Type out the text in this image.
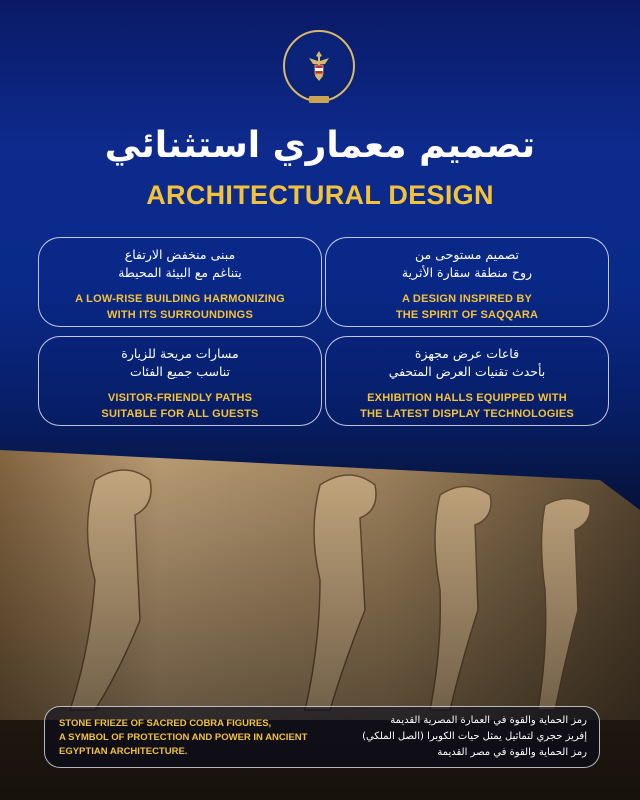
تصميم معماري استثنائي
ARCHITECTURAL DESIGN
مبنى منخفض الارتفاع
يتناغم مع البيئة المحيطة
A LOW-RISE BUILDING HARMONIZING
WITH ITS SURROUNDINGS
تصميم مستوحى من
روح منطقة سقارة الأثرية
A DESIGN INSPIRED BY
THE SPIRIT OF SAQQARA
مسارات مريحة للزيارة
تناسب جميع الفئات
VISITOR-FRIENDLY PATHS
SUITABLE FOR ALL GUESTS
قاعات عرض مجهزة
بأحدث تقنيات العرض المتحفي
EXHIBITION HALLS EQUIPPED WITH
THE LATEST DISPLAY TECHNOLOGIES
STONE FRIEZE OF SACRED COBRA FIGURES,
A SYMBOL OF PROTECTION AND POWER IN ANCIENT
EGYPTIAN ARCHITECTURE.
رمز الحماية والقوة في العمارة المصرية القديمة
إفريز حجري لتماثيل يمثل حيات الكوبرا (الصل الملكي)
رمز الحماية والقوة في مصر القديمة
